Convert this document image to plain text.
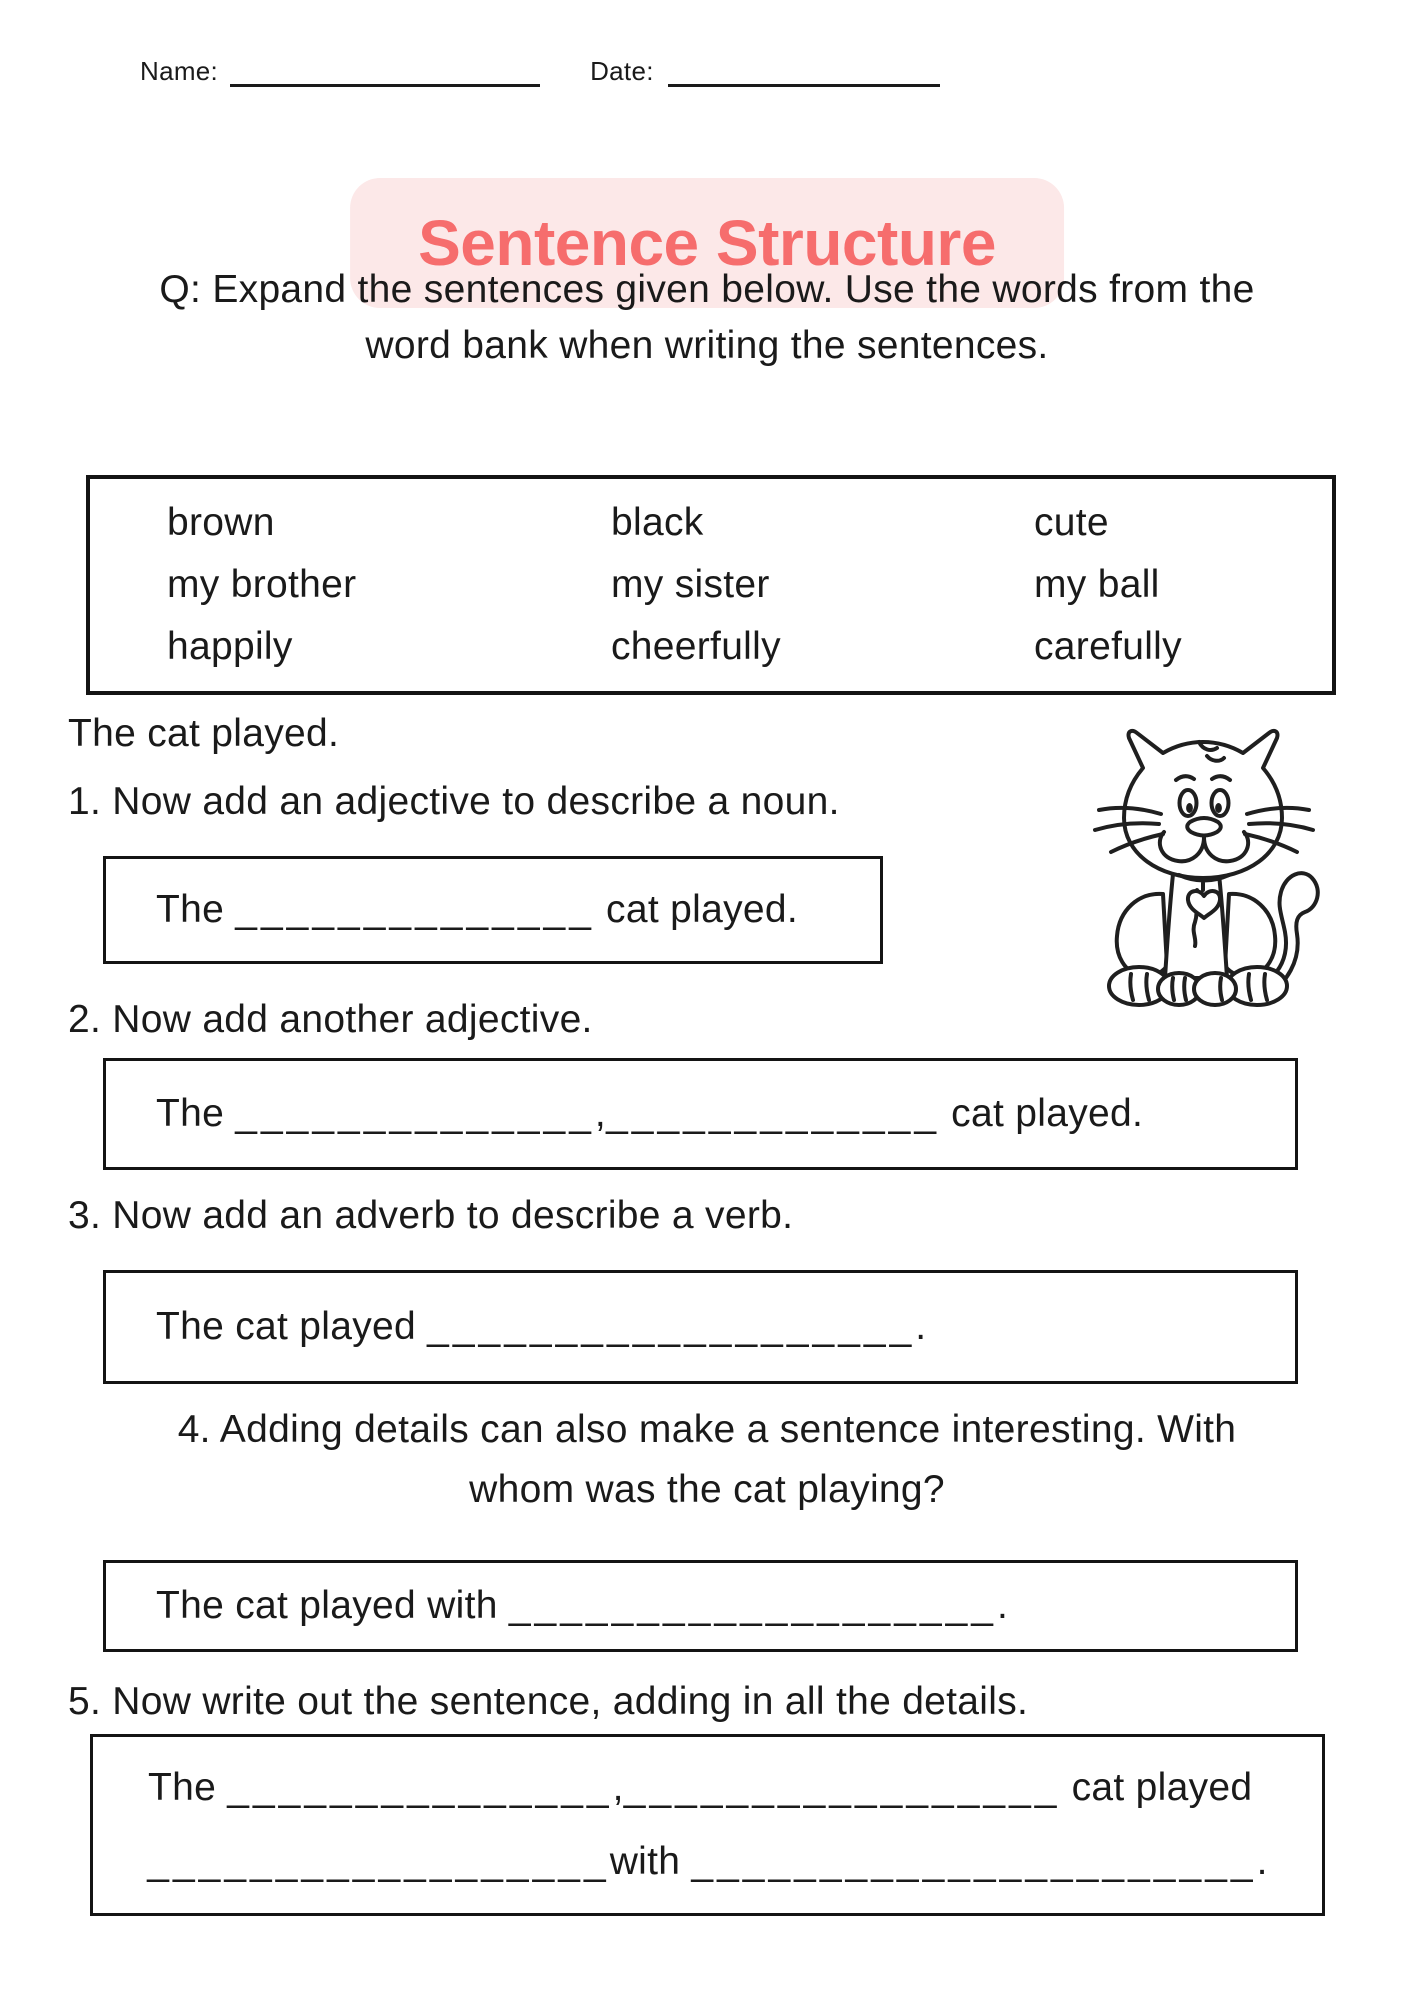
Name:	Date:
Sentence Structure
Q: Expand the sentences given below. Use the words from the
word bank when writing the sentences.
brown	black	cute
my brother	my sister	my ball
happily	cheerfully	carefully
The cat played.
1. Now add an adjective to describe a noun.
The ______________ cat played.
2. Now add another adjective.
The ______________,_____________ cat played.
3. Now add an adverb to describe a verb.
The cat played ___________________.
4. Adding details can also make a sentence interesting. With
whom was the cat playing?
The cat played with ___________________.
5. Now write out the sentence, adding in all the details.
The _______________,_________________ cat played
__________________with ______________________.
